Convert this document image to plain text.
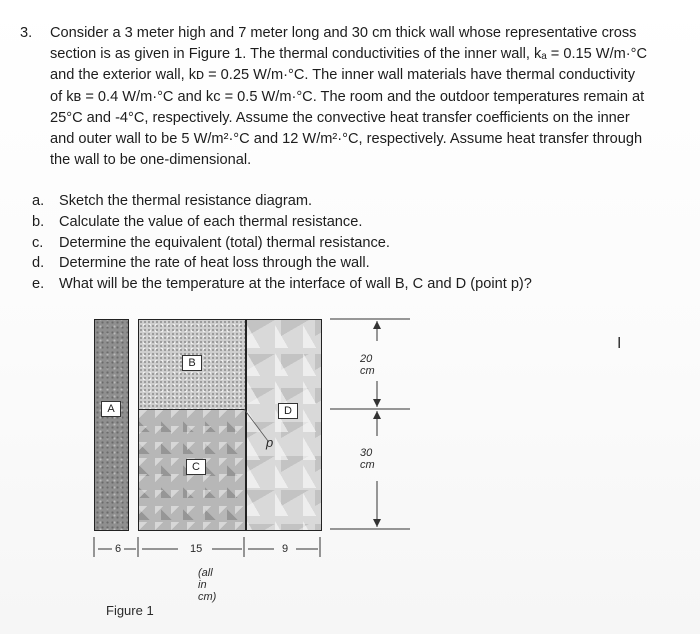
3. Consider a 3 meter high and 7 meter long and 30 cm thick wall whose representative cross
section is as given in Figure 1. The thermal conductivities of the inner wall, kₐ = 0.15 W/m·°C
and the exterior wall, kᴅ = 0.25 W/m·°C. The inner wall materials have thermal conductivity
of kʙ = 0.4 W/m·°C and kᴄ = 0.5 W/m·°C. The room and the outdoor temperatures remain at
25°C and -4°C, respectively. Assume the convective heat transfer coefficients on the inner
and outer wall to be 5 W/m²·°C and 12 W/m²·°C, respectively. Assume heat transfer through
the wall to be one-dimensional.
a. Sketch the thermal resistance diagram.
b. Calculate the value of each thermal resistance.
c. Determine the equivalent (total) thermal resistance.
d. Determine the rate of heat loss through the wall.
e. What will be the temperature at the interface of wall B, C and D (point p)?
A
B
C
D
p
20 cm
30 cm
6	15	9
(all in cm)
Figure 1
I
